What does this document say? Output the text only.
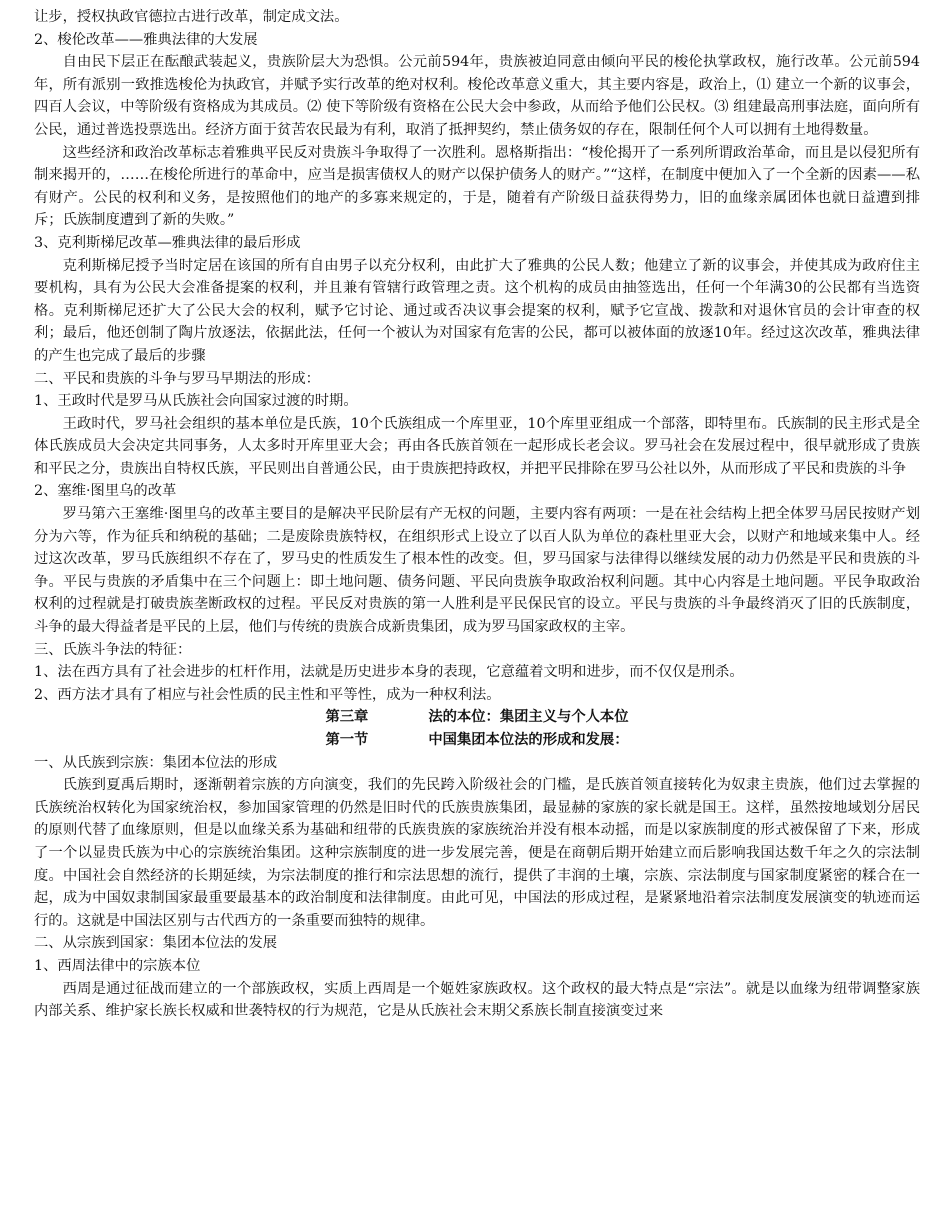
让步，授权执政官德拉古进行改革，制定成文法。

2、梭伦改革——雅典法律的大发展

自由民下层正在酝酿武装起义，贵族阶层大为恐惧。公元前594年，贵族被迫同意由倾向平民的梭伦执掌政权，施行改革。公元前594年，所有派别一致推选梭伦为执政官，并赋予实行改革的绝对权利。梭伦改革意义重大，其主要内容是，政治上，⑴ 建立一个新的议事会，四百人会议，中等阶级有资格成为其成员。⑵ 使下等阶级有资格在公民大会中参政，从而给予他们公民权。⑶ 组建最高刑事法庭，面向所有公民，通过普选投票选出。经济方面于贫苦农民最为有利，取消了抵押契约，禁止债务奴的存在，限制任何个人可以拥有土地得数量。

这些经济和政治改革标志着雅典平民反对贵族斗争取得了一次胜利。恩格斯指出：“梭伦揭开了一系列所谓政治革命，而且是以侵犯所有制来揭开的，……在梭伦所进行的革命中，应当是损害债权人的财产以保护债务人的财产。”“这样，在制度中便加入了一个全新的因素——私有财产。公民的权利和义务，是按照他们的地产的多寡来规定的，于是，随着有产阶级日益获得势力，旧的血缘亲属团体也就日益遭到排斥；氏族制度遭到了新的失败。”

3、克利斯梯尼改革—雅典法律的最后形成

克利斯梯尼授予当时定居在该国的所有自由男子以充分权利，由此扩大了雅典的公民人数；他建立了新的议事会，并使其成为政府住主要机构，具有为公民大会准备提案的权利，并且兼有管辖行政管理之责。这个机构的成员由抽签选出，任何一个年满30的公民都有当选资格。克利斯梯尼还扩大了公民大会的权利，赋予它讨论、通过或否决议事会提案的权利，赋予它宣战、拨款和对退休官员的会计审查的权利；最后，他还创制了陶片放逐法，依据此法，任何一个被认为对国家有危害的公民，都可以被体面的放逐10年。经过这次改革，雅典法律的产生也完成了最后的步骤

二、平民和贵族的斗争与罗马早期法的形成：

1、王政时代是罗马从氏族社会向国家过渡的时期。

王政时代，罗马社会组织的基本单位是氏族，10个氏族组成一个库里亚，10个库里亚组成一个部落，即特里布。氏族制的民主形式是全体氏族成员大会决定共同事务，人太多时开库里亚大会；再由各氏族首领在一起形成长老会议。罗马社会在发展过程中，很早就形成了贵族和平民之分，贵族出自特权氏族，平民则出自普通公民，由于贵族把持政权，并把平民排除在罗马公社以外，从而形成了平民和贵族的斗争

2、塞维·图里乌的改革

罗马第六王塞维·图里乌的改革主要目的是解决平民阶层有产无权的问题，主要内容有两项：一是在社会结构上把全体罗马居民按财产划分为六等，作为征兵和纳税的基础；二是废除贵族特权，在组织形式上设立了以百人队为单位的森杜里亚大会，以财产和地域来集中人。经过这次改革，罗马氏族组织不存在了，罗马史的性质发生了根本性的改变。但，罗马国家与法律得以继续发展的动力仍然是平民和贵族的斗争。平民与贵族的矛盾集中在三个问题上：即土地问题、债务问题、平民向贵族争取政治权利问题。其中心内容是土地问题。平民争取政治权利的过程就是打破贵族垄断政权的过程。平民反对贵族的第一人胜利是平民保民官的设立。平民与贵族的斗争最终消灭了旧的氏族制度，斗争的最大得益者是平民的上层，他们与传统的贵族合成新贵集团，成为罗马国家政权的主宰。

三、氏族斗争法的特征：

1、法在西方具有了社会进步的杠杆作用，法就是历史进步本身的表现，它意蕴着文明和进步，而不仅仅是刑杀。

2、西方法才具有了相应与社会性质的民主性和平等性，成为一种权利法。

第三章	法的本位：集团主义与个人本位

第一节	中国集团本位法的形成和发展：

一、从氏族到宗族：集团本位法的形成

氏族到夏禹后期时，逐渐朝着宗族的方向演变，我们的先民跨入阶级社会的门槛，是氏族首领直接转化为奴隶主贵族，他们过去掌握的氏族统治权转化为国家统治权，参加国家管理的仍然是旧时代的氏族贵族集团，最显赫的家族的家长就是国王。这样，虽然按地域划分居民的原则代替了血缘原则，但是以血缘关系为基础和纽带的氏族贵族的家族统治并没有根本动摇，而是以家族制度的形式被保留了下来，形成了一个以显贵氏族为中心的宗族统治集团。这种宗族制度的进一步发展完善，便是在商朝后期开始建立而后影响我国达数千年之久的宗法制度。中国社会自然经济的长期延续，为宗法制度的推行和宗法思想的流行，提供了丰润的土壤，宗族、宗法制度与国家制度紧密的糅合在一起，成为中国奴隶制国家最重要最基本的政治制度和法律制度。由此可见，中国法的形成过程，是紧紧地沿着宗法制度发展演变的轨迹而运行的。这就是中国法区别与古代西方的一条重要而独特的规律。

二、从宗族到国家：集团本位法的发展

1、西周法律中的宗族本位

西周是通过征战而建立的一个部族政权，实质上西周是一个姬姓家族政权。这个政权的最大特点是“宗法”。就是以血缘为纽带调整家族内部关系、维护家长族长权威和世袭特权的行为规范，它是从氏族社会末期父系族长制直接演变过来
